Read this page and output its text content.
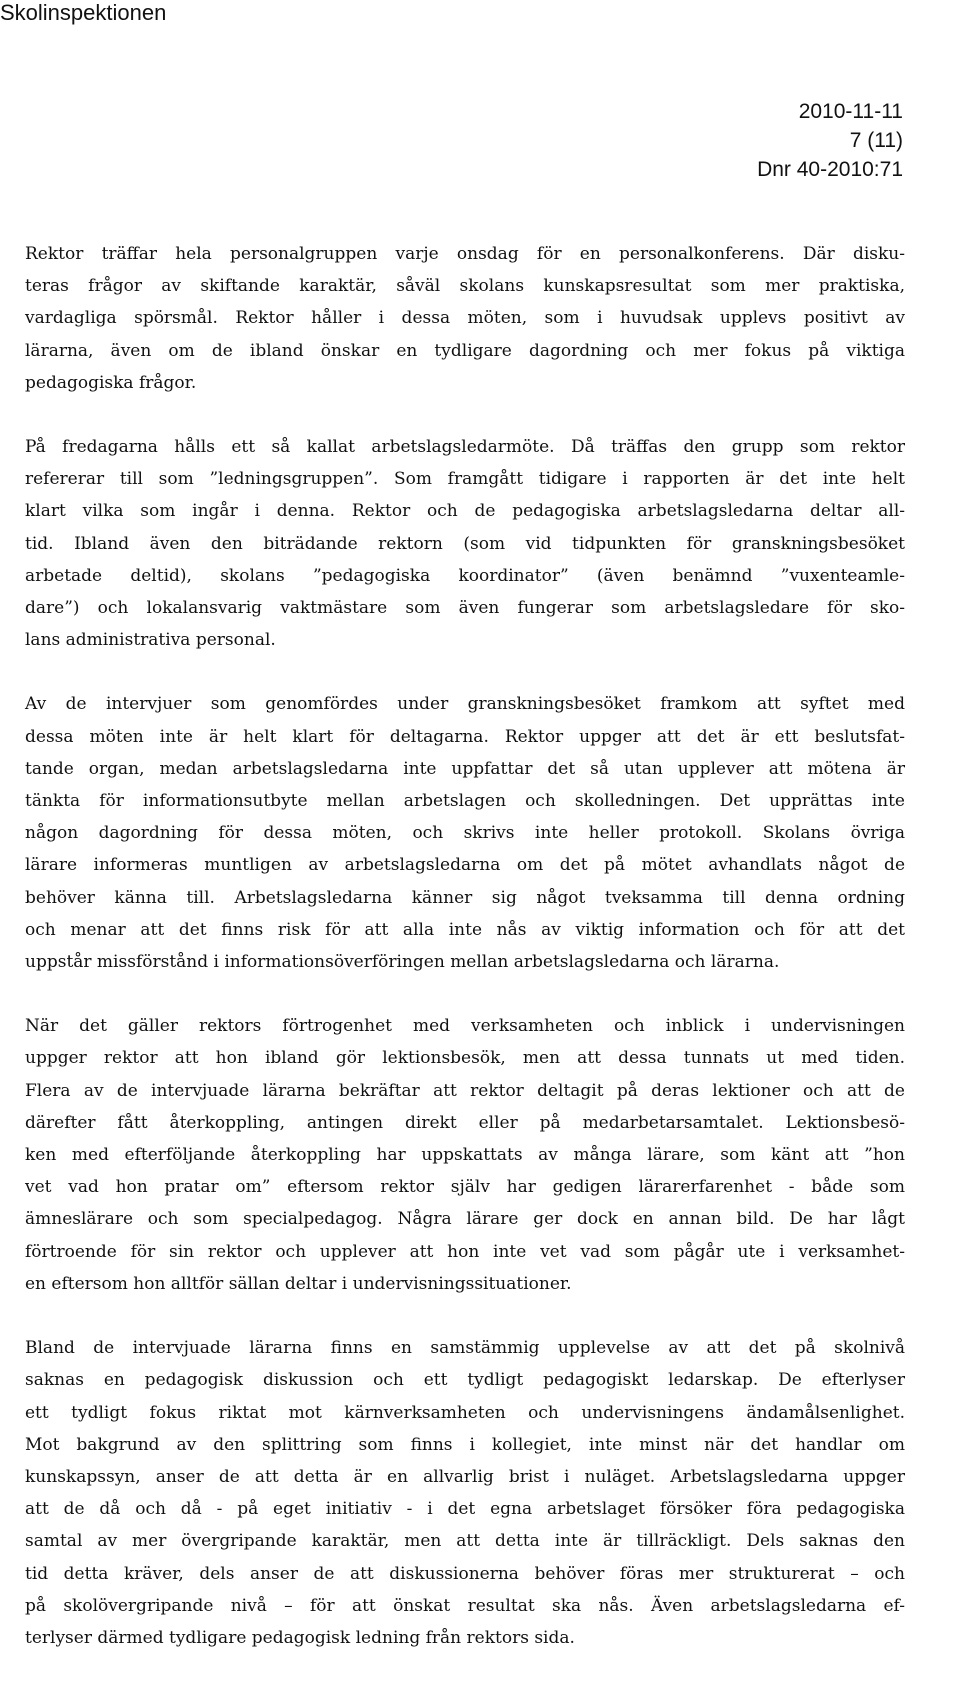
Skolinspektionen
2010-11-11
7 (11)
Dnr 40-2010:71

Rektor träffar hela personalgruppen varje onsdag för en personalkonferens. Där disku-
teras frågor av skiftande karaktär, såväl skolans kunskapsresultat som mer praktiska,
vardagliga spörsmål. Rektor håller i dessa möten, som i huvudsak upplevs positivt av
lärarna, även om de ibland önskar en tydligare dagordning och mer fokus på viktiga
pedagogiska frågor.

På fredagarna hålls ett så kallat arbetslagsledarmöte. Då träffas den grupp som rektor
refererar till som ”ledningsgruppen”. Som framgått tidigare i rapporten är det inte helt
klart vilka som ingår i denna. Rektor och de pedagogiska arbetslagsledarna deltar all-
tid. Ibland även den biträdande rektorn (som vid tidpunkten för granskningsbesöket
arbetade deltid), skolans ”pedagogiska koordinator” (även benämnd ”vuxenteamle-
dare”) och lokalansvarig vaktmästare som även fungerar som arbetslagsledare för sko-
lans administrativa personal.

Av de intervjuer som genomfördes under granskningsbesöket framkom att syftet med
dessa möten inte är helt klart för deltagarna. Rektor uppger att det är ett beslutsfat-
tande organ, medan arbetslagsledarna inte uppfattar det så utan upplever att mötena är
tänkta för informationsutbyte mellan arbetslagen och skolledningen. Det upprättas inte
någon dagordning för dessa möten, och skrivs inte heller protokoll. Skolans övriga
lärare informeras muntligen av arbetslagsledarna om det på mötet avhandlats något de
behöver känna till. Arbetslagsledarna känner sig något tveksamma till denna ordning
och menar att det finns risk för att alla inte nås av viktig information och för att det
uppstår missförstånd i informationsöverföringen mellan arbetslagsledarna och lärarna.

När det gäller rektors förtrogenhet med verksamheten och inblick i undervisningen
uppger rektor att hon ibland gör lektionsbesök, men att dessa tunnats ut med tiden.
Flera av de intervjuade lärarna bekräftar att rektor deltagit på deras lektioner och att de
därefter fått återkoppling, antingen direkt eller på medarbetarsamtalet. Lektionsbesö-
ken med efterföljande återkoppling har uppskattats av många lärare, som känt att ”hon
vet vad hon pratar om” eftersom rektor själv har gedigen lärarerfarenhet - både som
ämneslärare och som specialpedagog. Några lärare ger dock en annan bild. De har lågt
förtroende för sin rektor och upplever att hon inte vet vad som pågår ute i verksamhet-
en eftersom hon alltför sällan deltar i undervisningssituationer.

Bland de intervjuade lärarna finns en samstämmig upplevelse av att det på skolnivå
saknas en pedagogisk diskussion och ett tydligt pedagogiskt ledarskap. De efterlyser
ett tydligt fokus riktat mot kärnverksamheten och undervisningens ändamålsenlighet.
Mot bakgrund av den splittring som finns i kollegiet, inte minst när det handlar om
kunskapssyn, anser de att detta är en allvarlig brist i nuläget. Arbetslagsledarna uppger
att de då och då - på eget initiativ - i det egna arbetslaget försöker föra pedagogiska
samtal av mer övergripande karaktär, men att detta inte är tillräckligt. Dels saknas den
tid detta kräver, dels anser de att diskussionerna behöver föras mer strukturerat – och
på skolövergripande nivå – för att önskat resultat ska nås. Även arbetslagsledarna ef-
terlyser därmed tydligare pedagogisk ledning från rektors sida.
